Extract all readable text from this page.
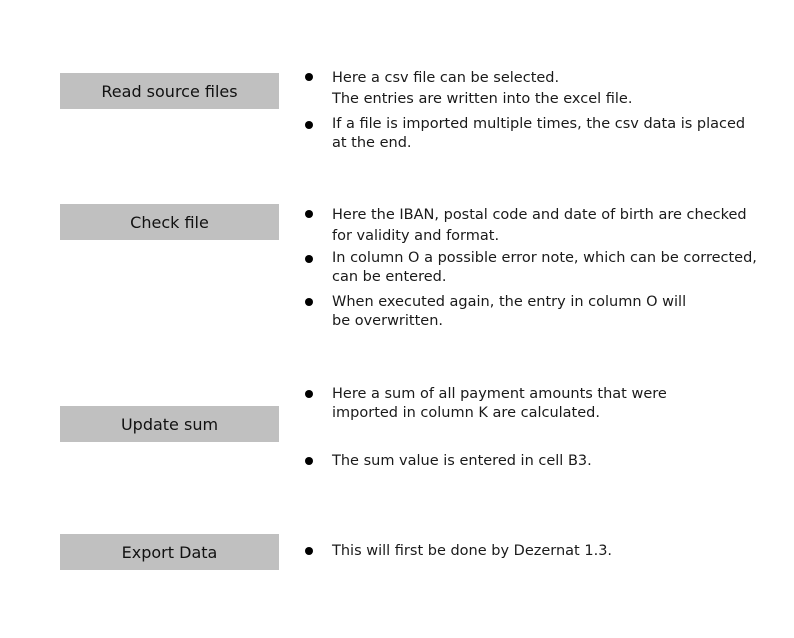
Read source files
Here a csv file can be selected.
The entries are written into the excel file.
If a file is imported multiple times, the csv data is placed
at the end.
Check file	Here the IBAN, postal code and date of birth are checked
for validity and format.
In column O a possible error note, which can be corrected,
can be entered.
When executed again, the entry in column O will
be overwritten.
Update sum
Here a sum of all payment amounts that were
imported in column K are calculated.
The sum value is entered in cell B3.
Export Data	This will first be done by Dezernat 1.3.
